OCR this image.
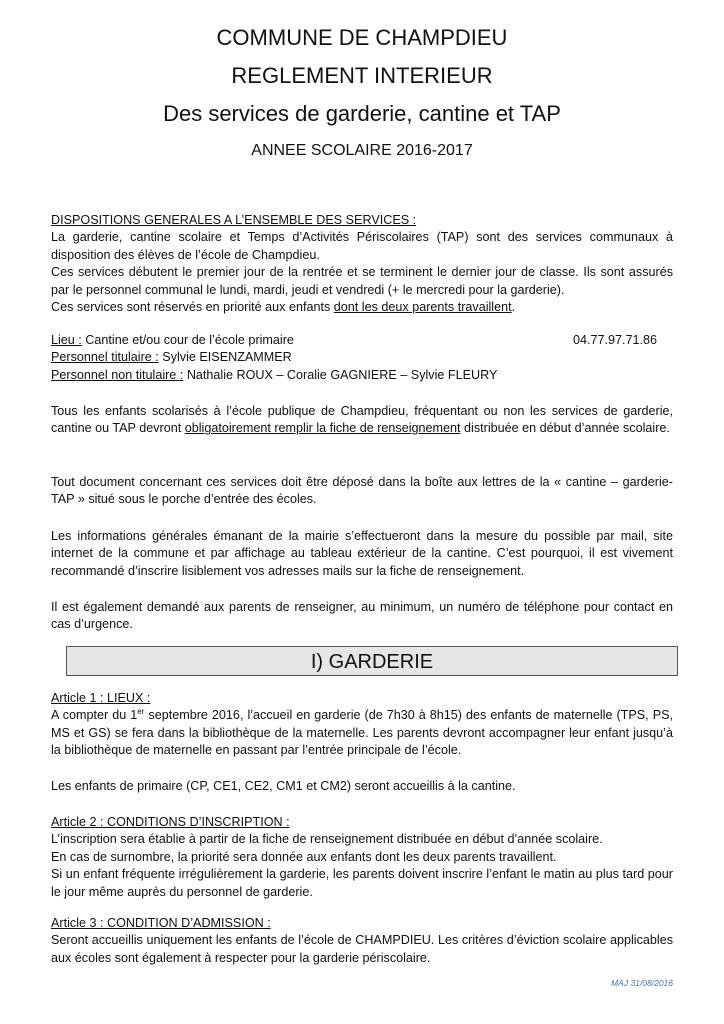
COMMUNE DE CHAMPDIEU

REGLEMENT INTERIEUR

Des services de garderie, cantine et TAP

ANNEE SCOLAIRE 2016-2017

DISPOSITIONS GENERALES A L’ENSEMBLE DES SERVICES :

La garderie, cantine scolaire et Temps d’Activités Périscolaires (TAP) sont des services communaux à disposition des élèves de l’école de Champdieu.

Ces services débutent le premier jour de la rentrée et se terminent le dernier jour de classe. Ils sont assurés par le personnel communal le lundi, mardi, jeudi et vendredi (+ le mercredi pour la garderie).

Ces services sont réservés en priorité aux enfants dont les deux parents travaillent.

Lieu : Cantine et/ou cour de l’école primaire	04.77.97.71.86

Personnel titulaire : Sylvie EISENZAMMER

Personnel non titulaire : Nathalie ROUX – Coralie GAGNIERE – Sylvie FLEURY

Tous les enfants scolarisés à l’école publique de Champdieu, fréquentant ou non les services de garderie, cantine ou TAP devront obligatoirement remplir la fiche de renseignement distribuée en début d’année scolaire.

Tout document concernant ces services doit être déposé dans la boîte aux lettres de la « cantine – garderie-TAP » situé sous le porche d’entrée des écoles.

Les informations générales émanant de la mairie s’effectueront dans la mesure du possible par mail, site internet de la commune et par affichage au tableau extérieur de la cantine. C’est pourquoi, il est vivement recommandé d’inscrire lisiblement vos adresses mails sur la fiche de renseignement.

Il est également demandé aux parents de renseigner, au minimum, un numéro de téléphone pour contact en cas d’urgence.

I) GARDERIE

Article 1 : LIEUX :

A compter du 1er septembre 2016, l’accueil en garderie (de 7h30 à 8h15) des enfants de maternelle (TPS, PS, MS et GS) se fera dans la bibliothèque de la maternelle. Les parents devront accompagner leur enfant jusqu’à la bibliothèque de maternelle en passant par l’entrée principale de l’école.

Les enfants de primaire (CP, CE1, CE2, CM1 et CM2) seront accueillis à la cantine.

Article 2 : CONDITIONS D’INSCRIPTION :

L’inscription sera établie à partir de la fiche de renseignement distribuée en début d’année scolaire.

En cas de surnombre, la priorité sera donnée aux enfants dont les deux parents travaillent.

Si un enfant fréquente irrégulièrement la garderie, les parents doivent inscrire l’enfant le matin au plus tard pour le jour même auprès du personnel de garderie.

Article 3 : CONDITION D’ADMISSION :

Seront accueillis uniquement les enfants de l’école de CHAMPDIEU. Les critères d’éviction scolaire applicables aux écoles sont également à respecter pour la garderie périscolaire.

MAJ 31/08/2016
